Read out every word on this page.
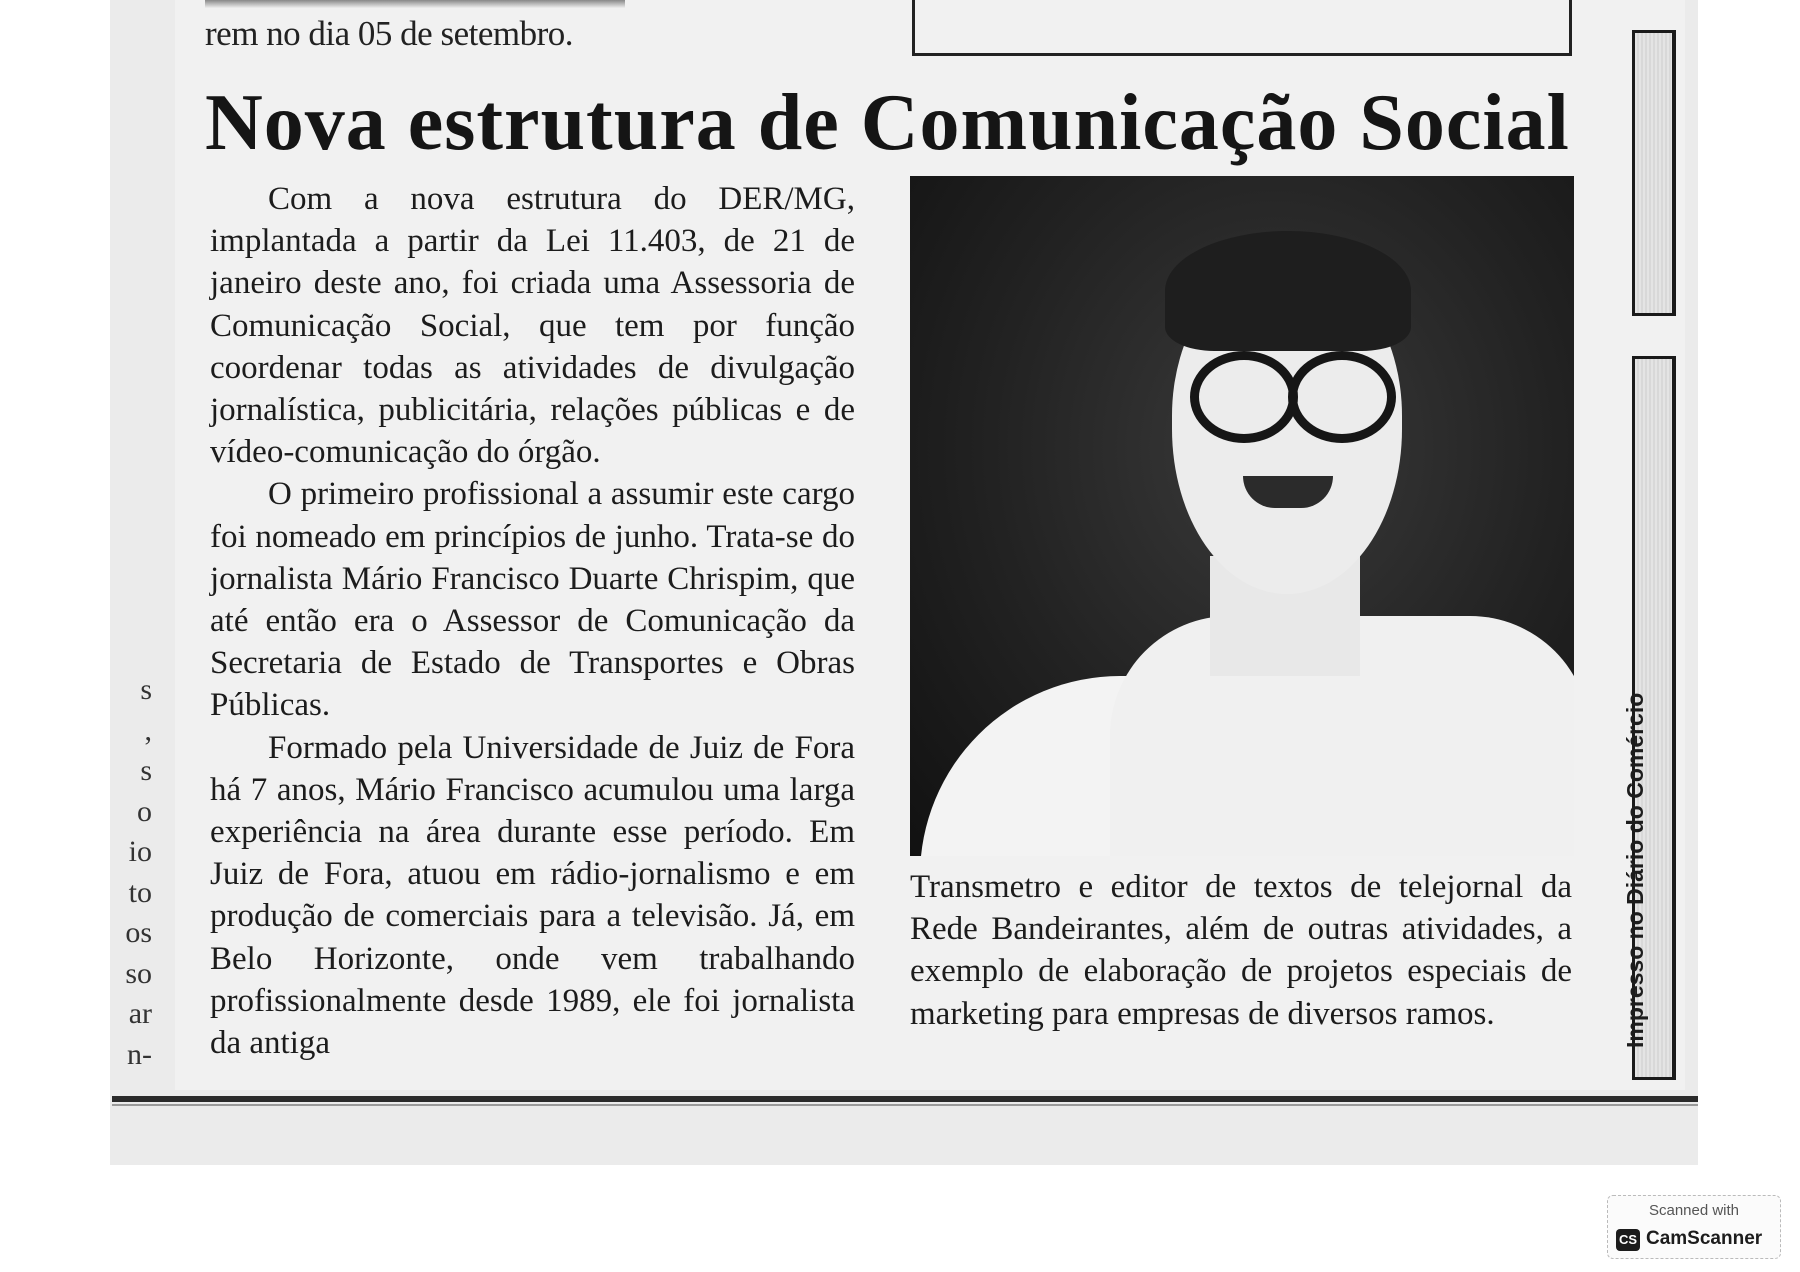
rem no dia 05 de setembro.
Nova estrutura de Comunicação Social

Com a nova estrutura do DER/MG, implantada a partir da Lei 11.403, de 21 de janeiro deste ano, foi criada uma Assessoria de Comunicação Social, que tem por função coordenar todas as atividades de divulgação jornalística, publicitária, relações públicas e de vídeo-comunicação do órgão.

O primeiro profissional a assumir este cargo foi nomeado em princípios de junho. Trata-se do jornalista Mário Francisco Duarte Chrispim, que até então era o Assessor de Comunicação da Secretaria de Estado de Transportes e Obras Públicas.

Formado pela Universidade de Juiz de Fora há 7 anos, Mário Francisco acumulou uma larga experiência na área durante esse período. Em Juiz de Fora, atuou em rádio-jornalismo e em produção de comerciais para a televisão. Já, em Belo Horizonte, onde vem trabalhando profissionalmente desde 1989, ele foi jornalista da antiga

Transmetro e editor de textos de telejornal da Rede Bandeirantes, além de outras atividades, a exemplo de elaboração de projetos especiais de marketing para empresas de diversos ramos.	Impresso no Diário do Comércio
s
,
s
o
io
to
os
so
ar
n-
Scanned with
CS CamScanner
